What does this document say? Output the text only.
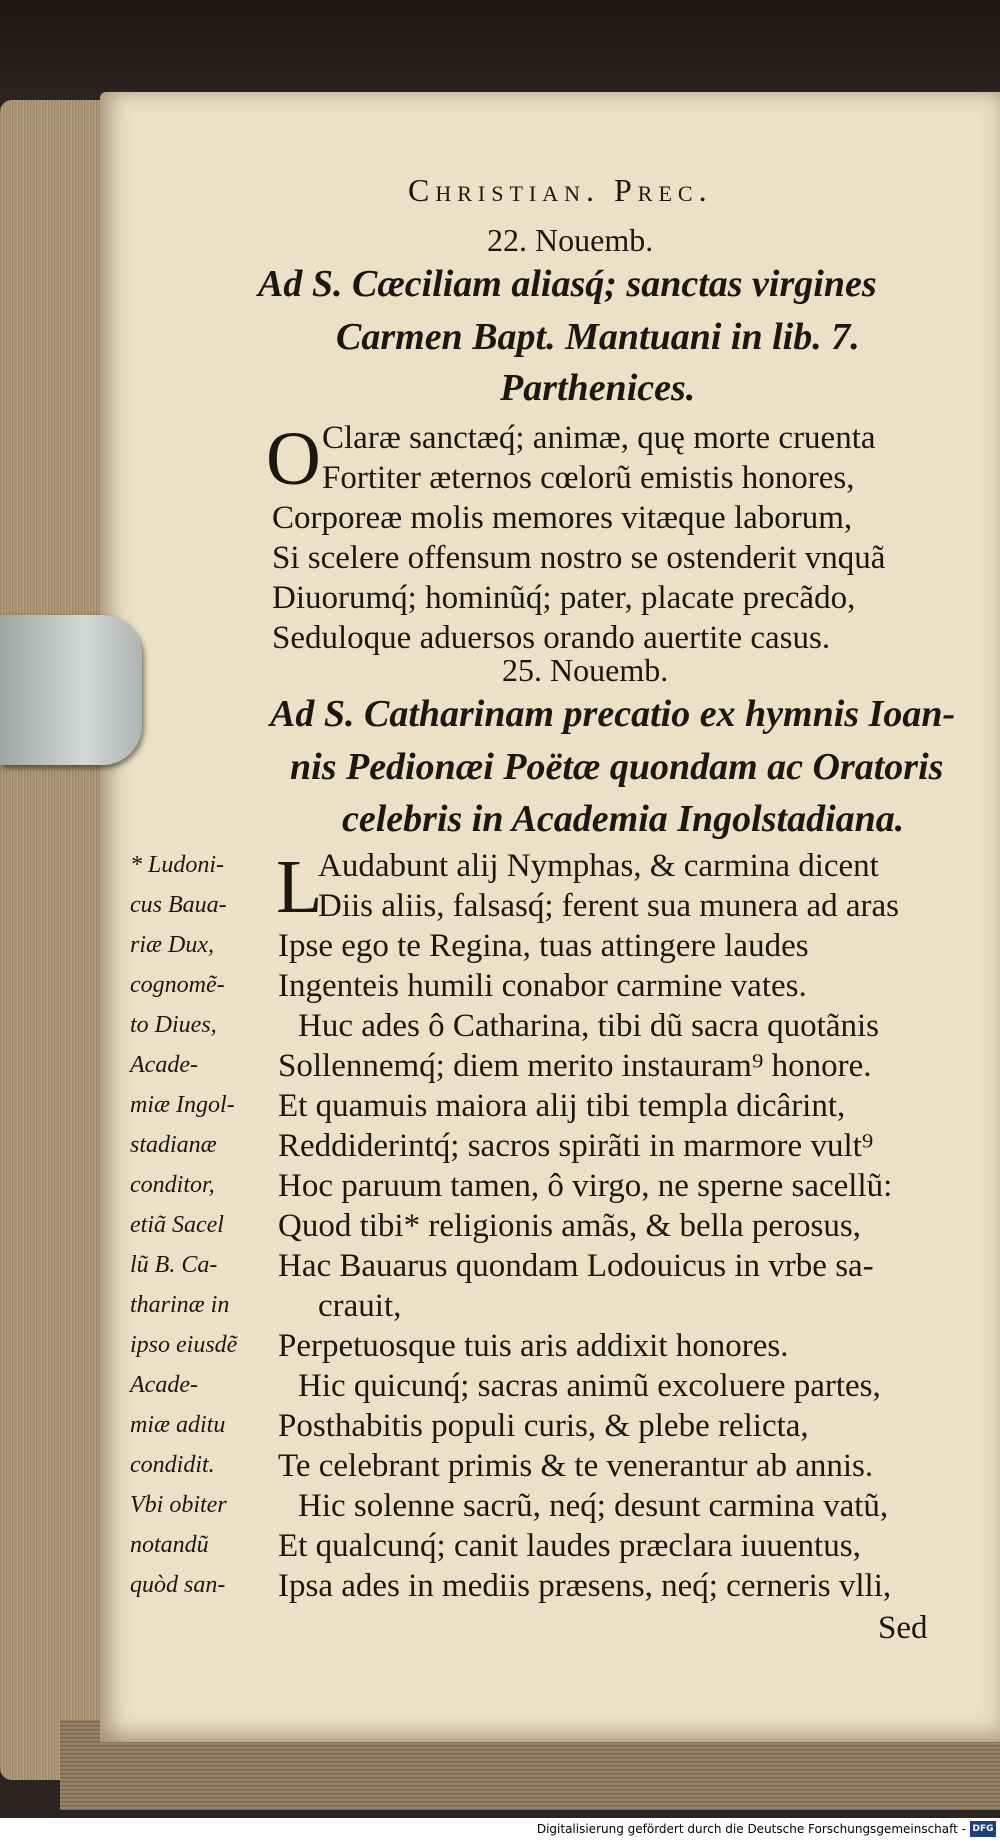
Christian. Prec.
22. Nouemb.
Ad S. Cæciliam aliasq́; sanctas virgines
Carmen Bapt. Mantuani in lib. 7.
Parthenices.
O Claræ sanctæq́; animæ, quę morte cruenta
Fortiter æternos cœlorũ emistis honores,
Corporeæ molis memores vitæque laborum,
Si scelere offensum nostro se ostenderit vnquã
Diuorumq́; hominũq́; pater, placate precãdo,
Seduloque aduersos orando auertite casus.
25. Nouemb.
Ad S. Catharinam precatio ex hymnis Ioan-
nis Pedionæi Poëtæ quondam ac Oratoris
celebris in Academia Ingolstadiana.
L
Audabunt alij Nymphas, & carmina dicent
Diis aliis, falsasq́; ferent sua munera ad aras
Ipse ego te Regina, tuas attingere laudes
Ingenteis humili conabor carmine vates.
Huc ades ô Catharina, tibi dũ sacra quotãnis
Sollennemq́; diem merito instauram⁹ honore.
Et quamuis maiora alij tibi templa dicârint,
Reddiderintq́; sacros spirãti in marmore vult⁹
Hoc paruum tamen, ô virgo, ne sperne sacellũ:
Quod tibi* religionis amãs, & bella perosus,
Hac Bauarus quondam Lodouicus in vrbe sa-
crauit,
Perpetuosque tuis aris addixit honores.
Hic quicunq́; sacras animũ excoluere partes,
Posthabitis populi curis, & plebe relicta,
Te celebrant primis & te venerantur ab annis.
Hic solenne sacrũ, neq́; desunt carmina vatũ,
Et qualcunq́; canit laudes præclara iuuentus,
Ipsa ades in mediis præsens, neq́; cerneris vlli,
Sed
* Ludoni-
cus Baua-
riæ Dux,
cognomẽ-
to Diues,
Acade-
miæ Ingol-
stadianæ
conditor,
etiã Sacel
lũ B. Ca-
tharinæ in
ipso eiusdẽ
Acade-
miæ aditu
condidit.
Vbi obiter
notandũ
quòd san-
Digitalisierung gefördert durch die Deutsche Forschungsgemeinschaft - DFG
